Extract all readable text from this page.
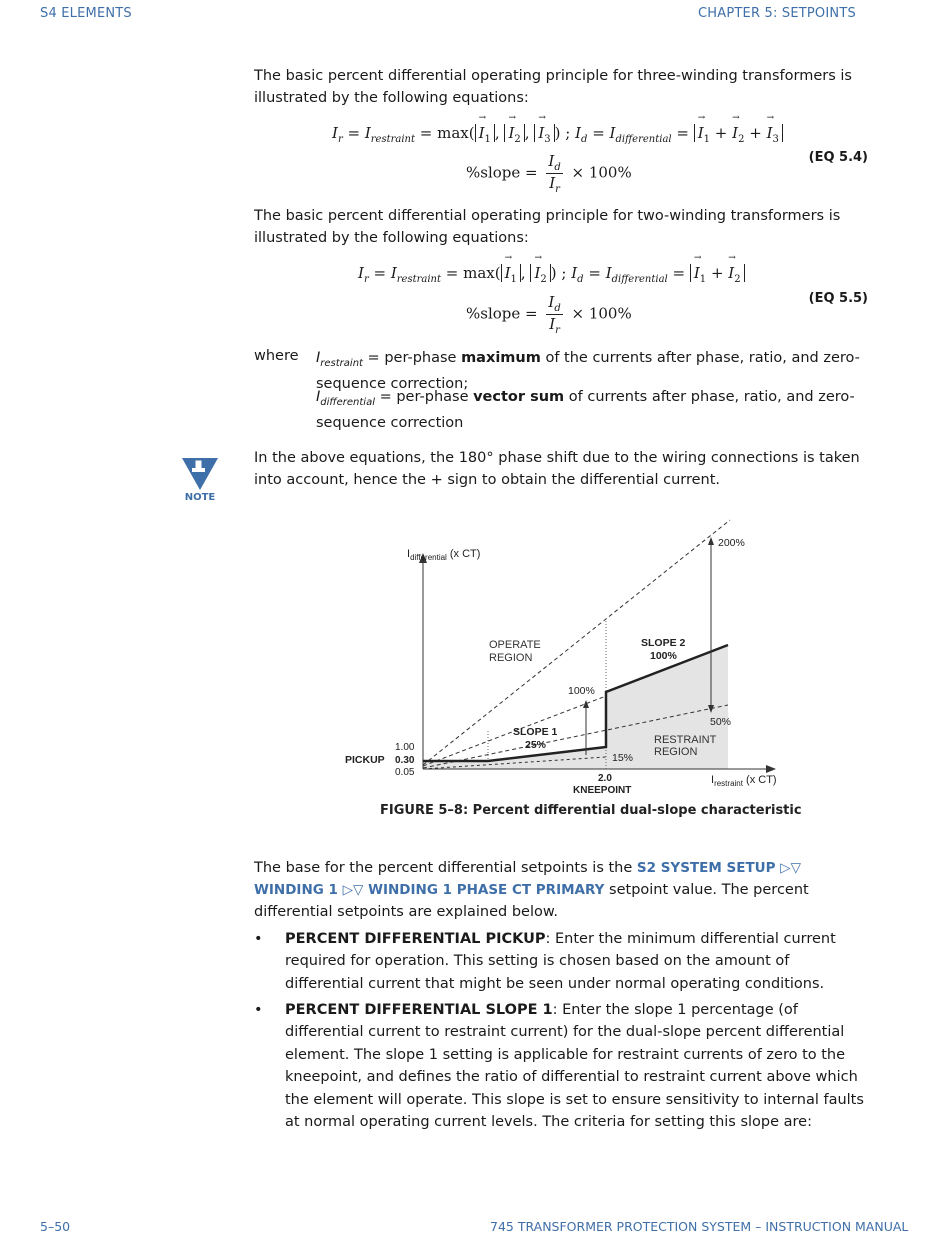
S4 ELEMENTS	CHAPTER 5: SETPOINTS
The basic percent differential operating principle for three-winding transformers is illustrated by the following equations:
$I_r = I_{restraint} = \max( \to I_1$ , → $I_2$ , → $I_3$ ) ; $I_d = I_{differential}$ = → $I_1$ + → $I_2$ + → $I_3$
%slope = $\frac{I_d}{I_r} \times 100\%$
(EQ 5.4)
The basic percent differential operating principle for two-winding transformers is illustrated by the following equations:
$I_r = I_{restraint} = \max( \to I_1$ , → $I_2$ ) ; $I_d = I_{differential}$ = → $I_1$ + → $I_2$
%slope = $\frac{I_d}{I_r} \times 100\%$
(EQ 5.5)
where $I_{restraint}$ = per-phase maximum of the currents after phase, ratio, and zero-sequence correction;
$I_{differential}$ = per-phase vector sum of currents after phase, ratio, and zero-sequence correction
NOTE
In the above equations, the 180° phase shift due to the wiring connections is taken into account, hence the + sign to obtain the differential current.
$I_{differential}$ (x CT)
$I_{restraint}$ (x CT)
1.00
PICKUP 0.30
0.05
2.0
KNEEPOINT
OPERATE
REGION
RESTRAINT
REGION
SLOPE 1
25%
SLOPE 2
100%
200%
100%
50%
15%
FIGURE 5–8: Percent differential dual-slope characteristic
The base for the percent differential setpoints is the S2 SYSTEM SETUP ▷▽ WINDING 1 ▷▽ WINDING 1 PHASE CT PRIMARY setpoint value. The percent differential setpoints are explained below.
• PERCENT DIFFERENTIAL PICKUP: Enter the minimum differential current required for operation. This setting is chosen based on the amount of differential current that might be seen under normal operating conditions.
• PERCENT DIFFERENTIAL SLOPE 1: Enter the slope 1 percentage (of differential current to restraint current) for the dual-slope percent differential element. The slope 1 setting is applicable for restraint currents of zero to the kneepoint, and defines the ratio of differential to restraint current above which the element will operate. This slope is set to ensure sensitivity to internal faults at normal operating current levels. The criteria for setting this slope are:
5–50	745 TRANSFORMER PROTECTION SYSTEM – INSTRUCTION MANUAL
